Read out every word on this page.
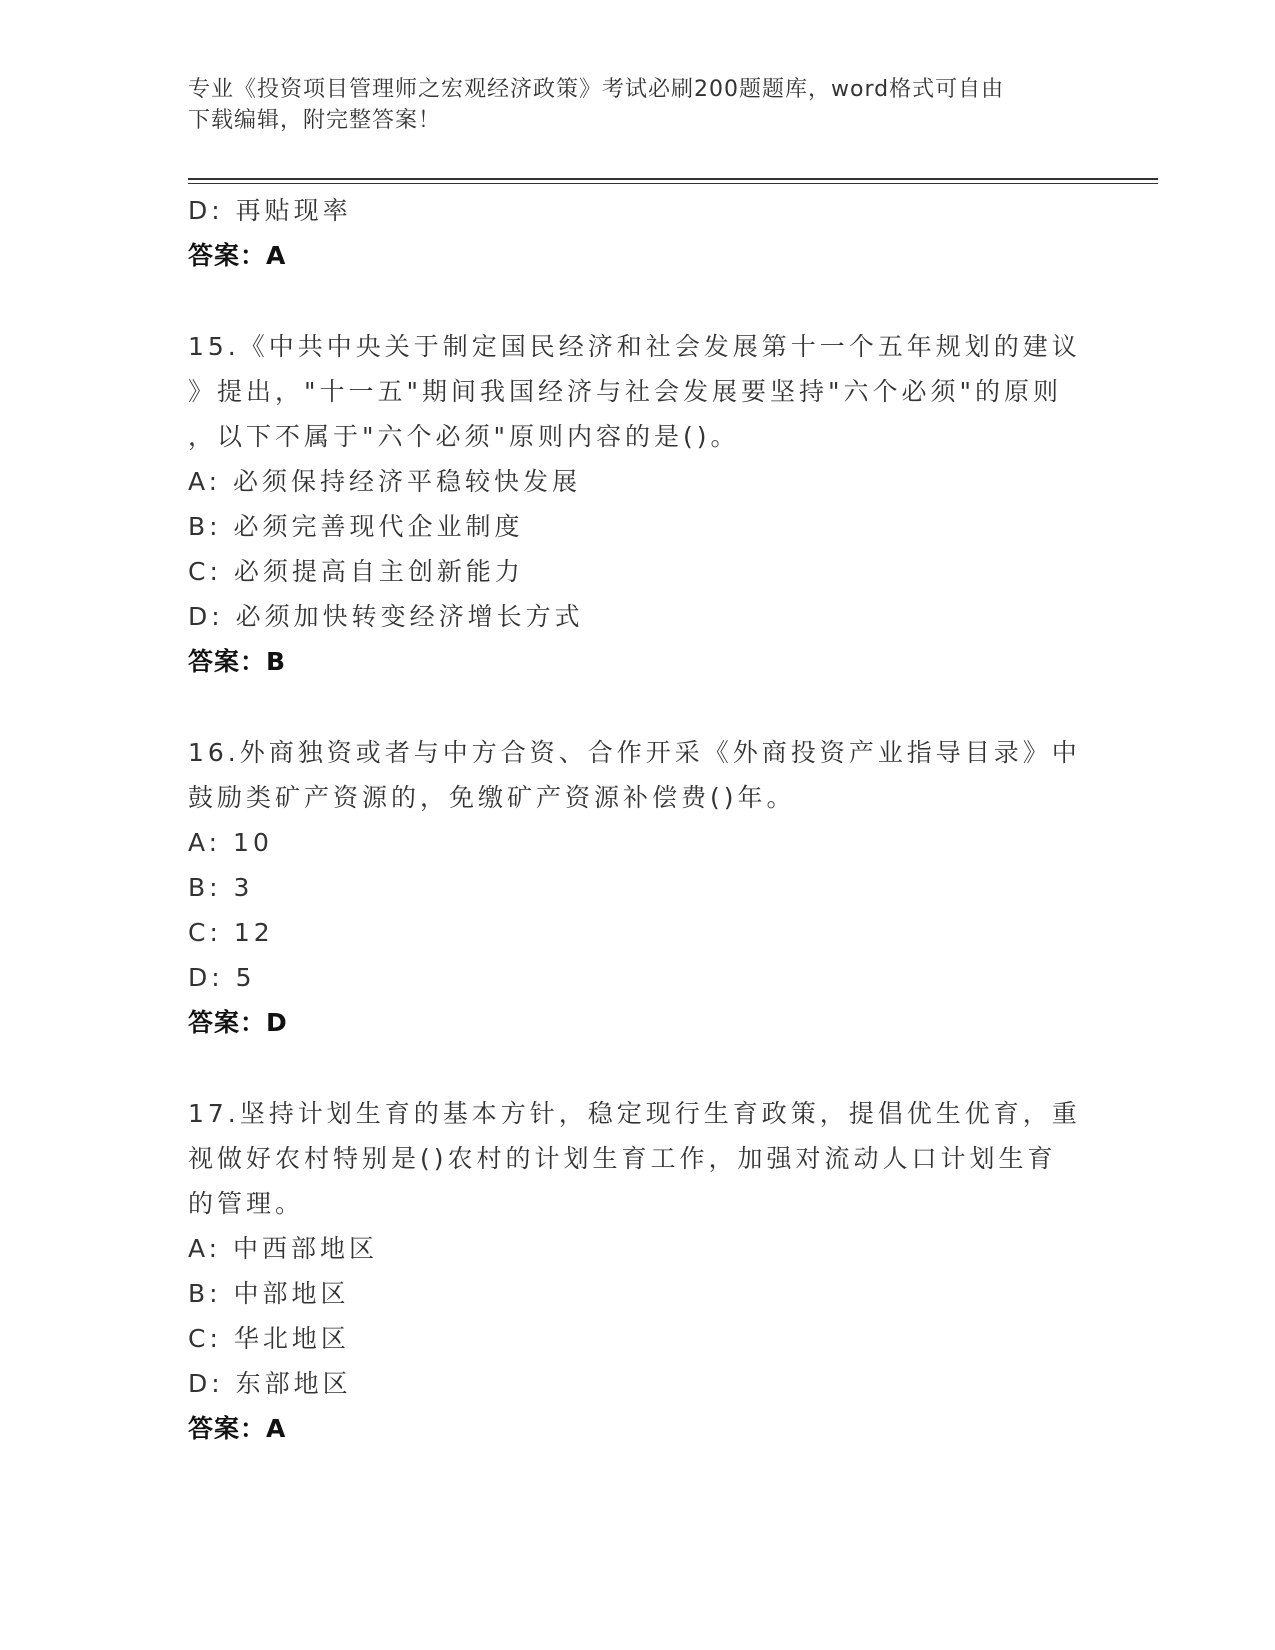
专业《投资项目管理师之宏观经济政策》考试必刷200题题库，word格式可自由
下载编辑，附完整答案！
D: 再贴现率
答案：A
15.《中共中央关于制定国民经济和社会发展第十一个五年规划的建议
》提出，"十一五"期间我国经济与社会发展要坚持"六个必须"的原则
，以下不属于"六个必须"原则内容的是()。
A: 必须保持经济平稳较快发展
B: 必须完善现代企业制度
C: 必须提高自主创新能力
D: 必须加快转变经济增长方式
答案：B
16.外商独资或者与中方合资、合作开采《外商投资产业指导目录》中
鼓励类矿产资源的，免缴矿产资源补偿费()年。
A: 10
B: 3
C: 12
D: 5
答案：D
17.坚持计划生育的基本方针，稳定现行生育政策，提倡优生优育，重
视做好农村特别是()农村的计划生育工作，加强对流动人口计划生育
的管理。
A: 中西部地区
B: 中部地区
C: 华北地区
D: 东部地区
答案：A
